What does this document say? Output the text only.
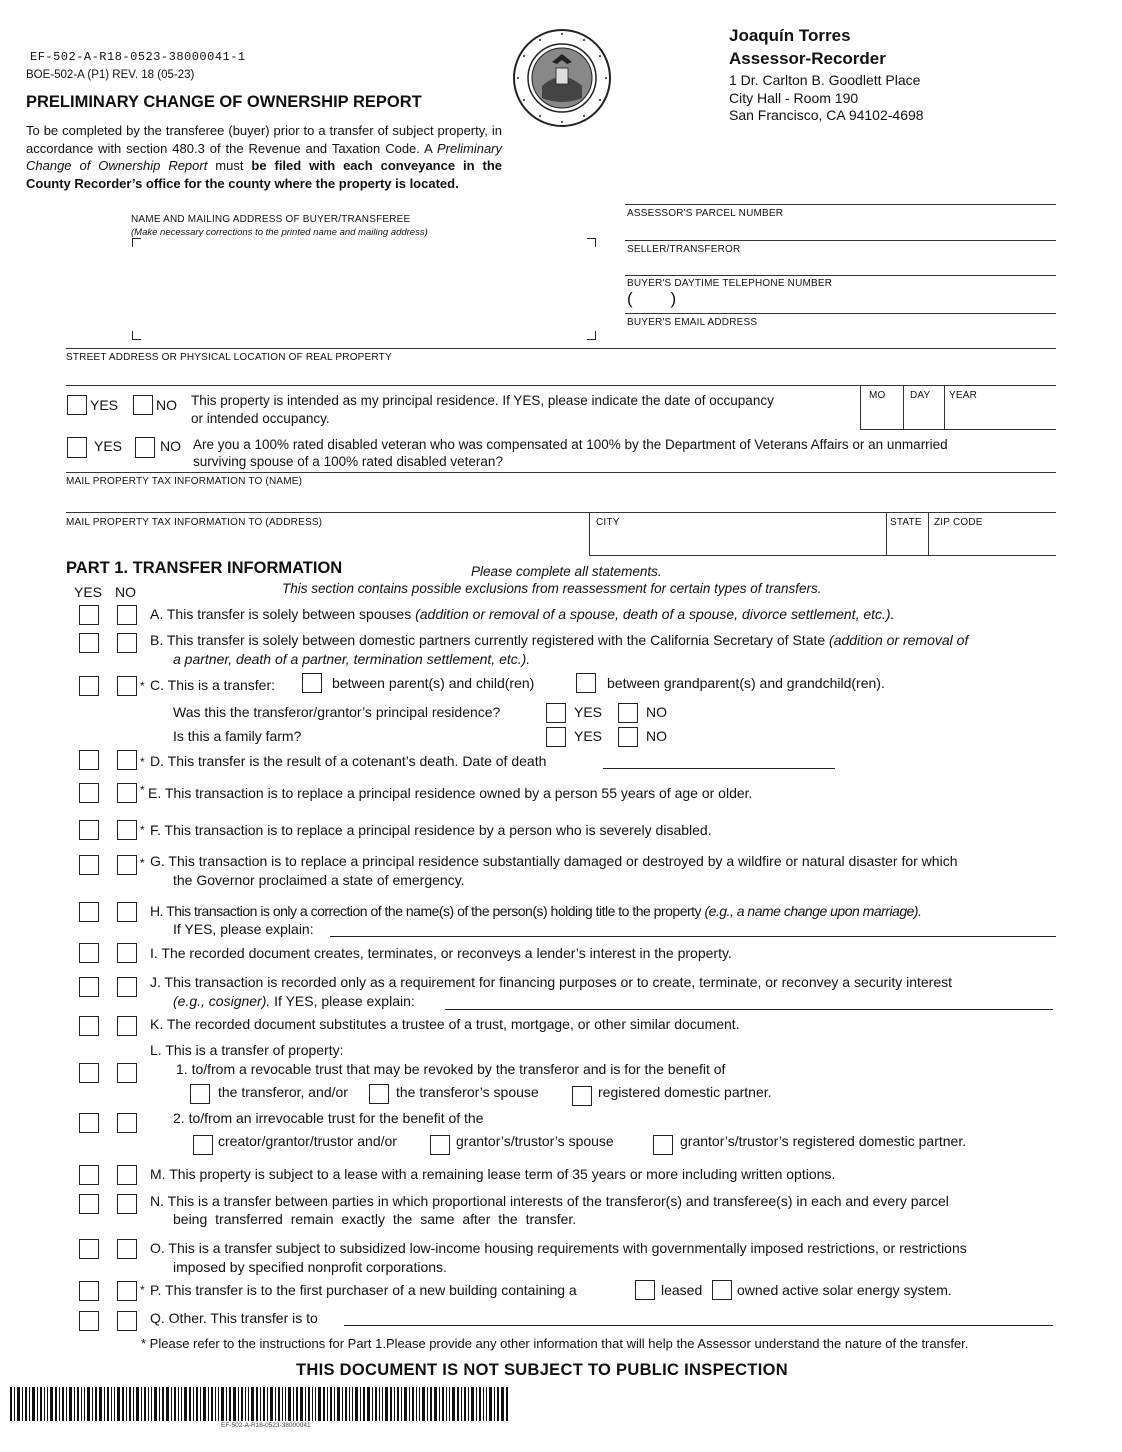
EF-502-A-R18-0523-38000041-1
BOE-502-A (P1) REV. 18 (05-23)
PRELIMINARY CHANGE OF OWNERSHIP REPORT
To be completed by the transferee (buyer) prior to a transfer of subject property, in accordance with section 480.3 of the Revenue and Taxation Code. A Preliminary Change of Ownership Report must be filed with each conveyance in the County Recorder’s office for the county where the property is located.
Joaquín Torres
Assessor-Recorder
1 Dr. Carlton B. Goodlett Place
City Hall - Room 190
San Francisco, CA 94102-4698
NAME AND MAILING ADDRESS OF BUYER/TRANSFEREE
(Make necessary corrections to the printed name and mailing address)
ASSESSOR'S PARCEL NUMBER
SELLER/TRANSFEROR
BUYER'S DAYTIME TELEPHONE NUMBER
(        )
BUYER'S EMAIL ADDRESS
STREET ADDRESS OR PHYSICAL LOCATION OF REAL PROPERTY
YES	NO This property is intended as my principal residence. If YES, please indicate the date of occupancy
or intended occupancy.
MO DAY YEAR
YES	NO Are you a 100% rated disabled veteran who was compensated at 100% by the Department of Veterans Affairs or an unmarried
surviving spouse of a 100% rated disabled veteran?
MAIL PROPERTY TAX INFORMATION TO (NAME)
MAIL PROPERTY TAX INFORMATION TO (ADDRESS)	CITY	STATE ZIP CODE
PART 1. TRANSFER INFORMATION	Please complete all statements.
This section contains possible exclusions from reassessment for certain types of transfers.
YES NO
A. This transfer is solely between spouses (addition or removal of a spouse, death of a spouse, divorce settlement, etc.).
B. This transfer is solely between domestic partners currently registered with the California Secretary of State (addition or removal of
a partner, death of a partner, termination settlement, etc.).
* C. This is a transfer:	between parent(s) and child(ren)	between grandparent(s) and grandchild(ren).
Was this the transferor/grantor’s principal residence?	YES	NO
Is this a family farm?	YES	NO
* D. This transfer is the result of a cotenant’s death. Date of death
* E. This transaction is to replace a principal residence owned by a person 55 years of age or older.
* F. This transaction is to replace a principal residence by a person who is severely disabled.
* G. This transaction is to replace a principal residence substantially damaged or destroyed by a wildfire or natural disaster for which
the Governor proclaimed a state of emergency.
H. This transaction is only a correction of the name(s) of the person(s) holding title to the property (e.g., a name change upon marriage).
If YES, please explain:
I. The recorded document creates, terminates, or reconveys a lender’s interest in the property.
J. This transaction is recorded only as a requirement for financing purposes or to create, terminate, or reconvey a security interest
(e.g., cosigner). If YES, please explain:
K. The recorded document substitutes a trustee of a trust, mortgage, or other similar document.
L. This is a transfer of property:
1. to/from a revocable trust that may be revoked by the transferor and is for the benefit of
the transferor, and/or	the transferor’s spouse	registered domestic partner.
2. to/from an irrevocable trust for the benefit of the
creator/grantor/trustor and/or	grantor’s/trustor’s spouse	grantor’s/trustor’s registered domestic partner.
M. This property is subject to a lease with a remaining lease term of 35 years or more including written options.
N. This is a transfer between parties in which proportional interests of the transferor(s) and transferee(s) in each and every parcel
being transferred remain exactly the same after the transfer.
O. This is a transfer subject to subsidized low-income housing requirements with governmentally imposed restrictions, or restrictions
imposed by specified nonprofit corporations.
* P. This transfer is to the first purchaser of a new building containing a	leased owned active solar energy system.
Q. Other. This transfer is to
* Please refer to the instructions for Part 1.Please provide any other information that will help the Assessor understand the nature of the transfer.
THIS DOCUMENT IS NOT SUBJECT TO PUBLIC INSPECTION
EF-502-A-R18-0523-38000041
